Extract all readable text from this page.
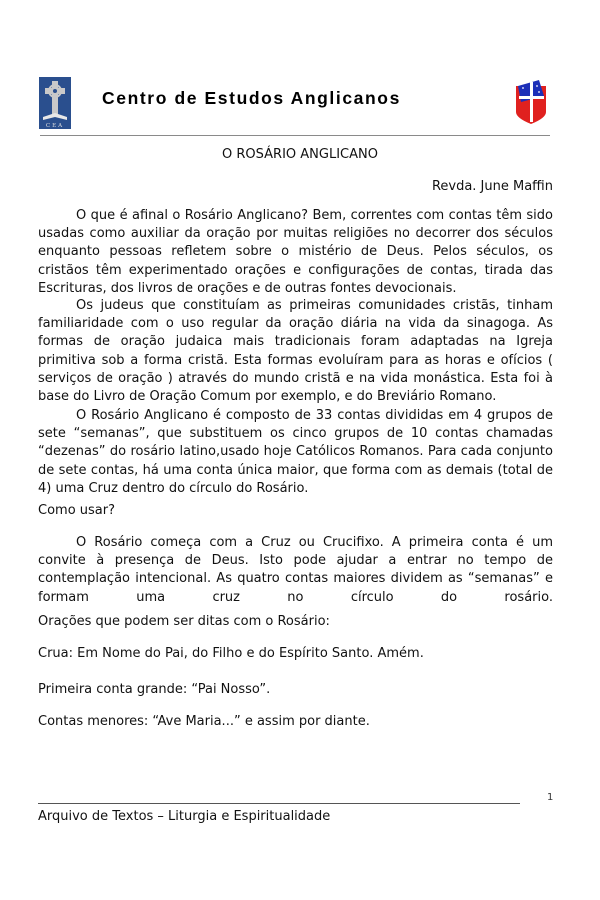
CEA
Centro de Estudos Anglicanos
O ROSÁRIO ANGLICANO
Revda. June Maffin
O que é afinal o Rosário Anglicano? Bem, correntes com contas têm sido usadas como auxiliar da oração por muitas religiões no decorrer dos séculos enquanto pessoas refletem sobre o mistério de Deus. Pelos séculos, os cristãos têm experimentado orações e configurações de contas, tirada das Escrituras, dos livros de orações e de outras fontes devocionais.
Os judeus que constituíam as primeiras comunidades cristãs, tinham familiaridade com o uso regular da oração diária na vida da sinagoga. As formas de oração judaica mais tradicionais foram adaptadas na Igreja primitiva sob a forma cristã. Esta formas evoluíram para as horas e ofícios ( serviços de oração ) através do mundo cristã e na vida monástica. Esta foi à base do Livro de Oração Comum por exemplo, e do Breviário Romano.
O Rosário Anglicano é composto de 33 contas divididas em 4 grupos de sete “semanas”, que substituem os cinco grupos de 10 contas chamadas “dezenas” do rosário latino,usado hoje Católicos Romanos. Para cada conjunto de sete contas, há uma conta única maior, que forma com as demais (total de 4) uma Cruz dentro do círculo do Rosário.
Como usar?
O Rosário começa com a Cruz ou Crucifixo. A primeira conta é um convite à presença de Deus. Isto pode ajudar a entrar no tempo de contemplação intencional. As quatro contas maiores dividem as “semanas” e formam uma cruz no círculo do rosário.
Orações que podem ser ditas com o Rosário:
Crua: Em Nome do Pai, do Filho e do Espírito Santo. Amém.
Primeira conta grande: “Pai Nosso”.
Contas menores: “Ave Maria...” e assim por diante.
1
Arquivo de Textos – Liturgia e Espiritualidade
